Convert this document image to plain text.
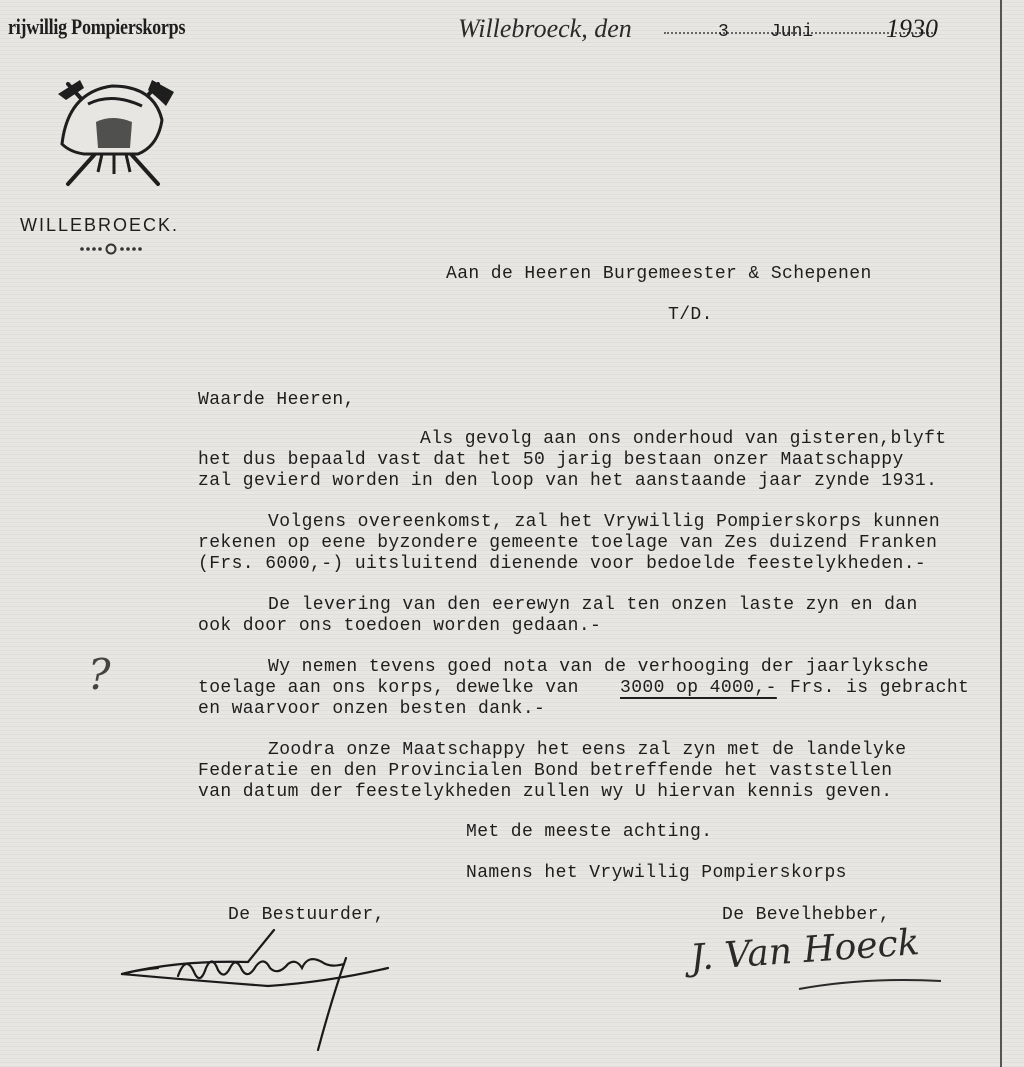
rijwillig Pompierskorps	Willebroeck, den	3 Juni	1930
WILLEBROECK.
Aan de Heeren Burgemeester & Schepenen
T/D.
Waarde Heeren,
Als gevolg aan ons onderhoud van gisteren,blyft
het dus bepaald vast dat het 50 jarig bestaan onzer Maatschappy
zal gevierd worden in den loop van het aanstaande jaar zynde 1931.
Volgens overeenkomst, zal het Vrywillig Pompierskorps kunnen
rekenen op eene byzondere gemeente toelage van Zes duizend Franken
(Frs. 6000,-) uitsluitend dienende voor bedoelde feestelykheden.-
De levering van den eerewyn zal ten onzen laste zyn en dan
ook door ons toedoen worden gedaan.-
Wy nemen tevens goed nota van de verhooging der jaarlyksche
toelage aan ons korps, dewelke van 3000 op 4000,- Frs. is gebracht
en waarvoor onzen besten dank.-
Zoodra onze Maatschappy het eens zal zyn met de landelyke
Federatie en den Provincialen Bond betreffende het vaststellen
van datum der feestelykheden zullen wy U hiervan kennis geven.
Met de meeste achting.
Namens het Vrywillig Pompierskorps
De Bestuurder,	De Bevelhebber,
J. Van Hoeck
?
